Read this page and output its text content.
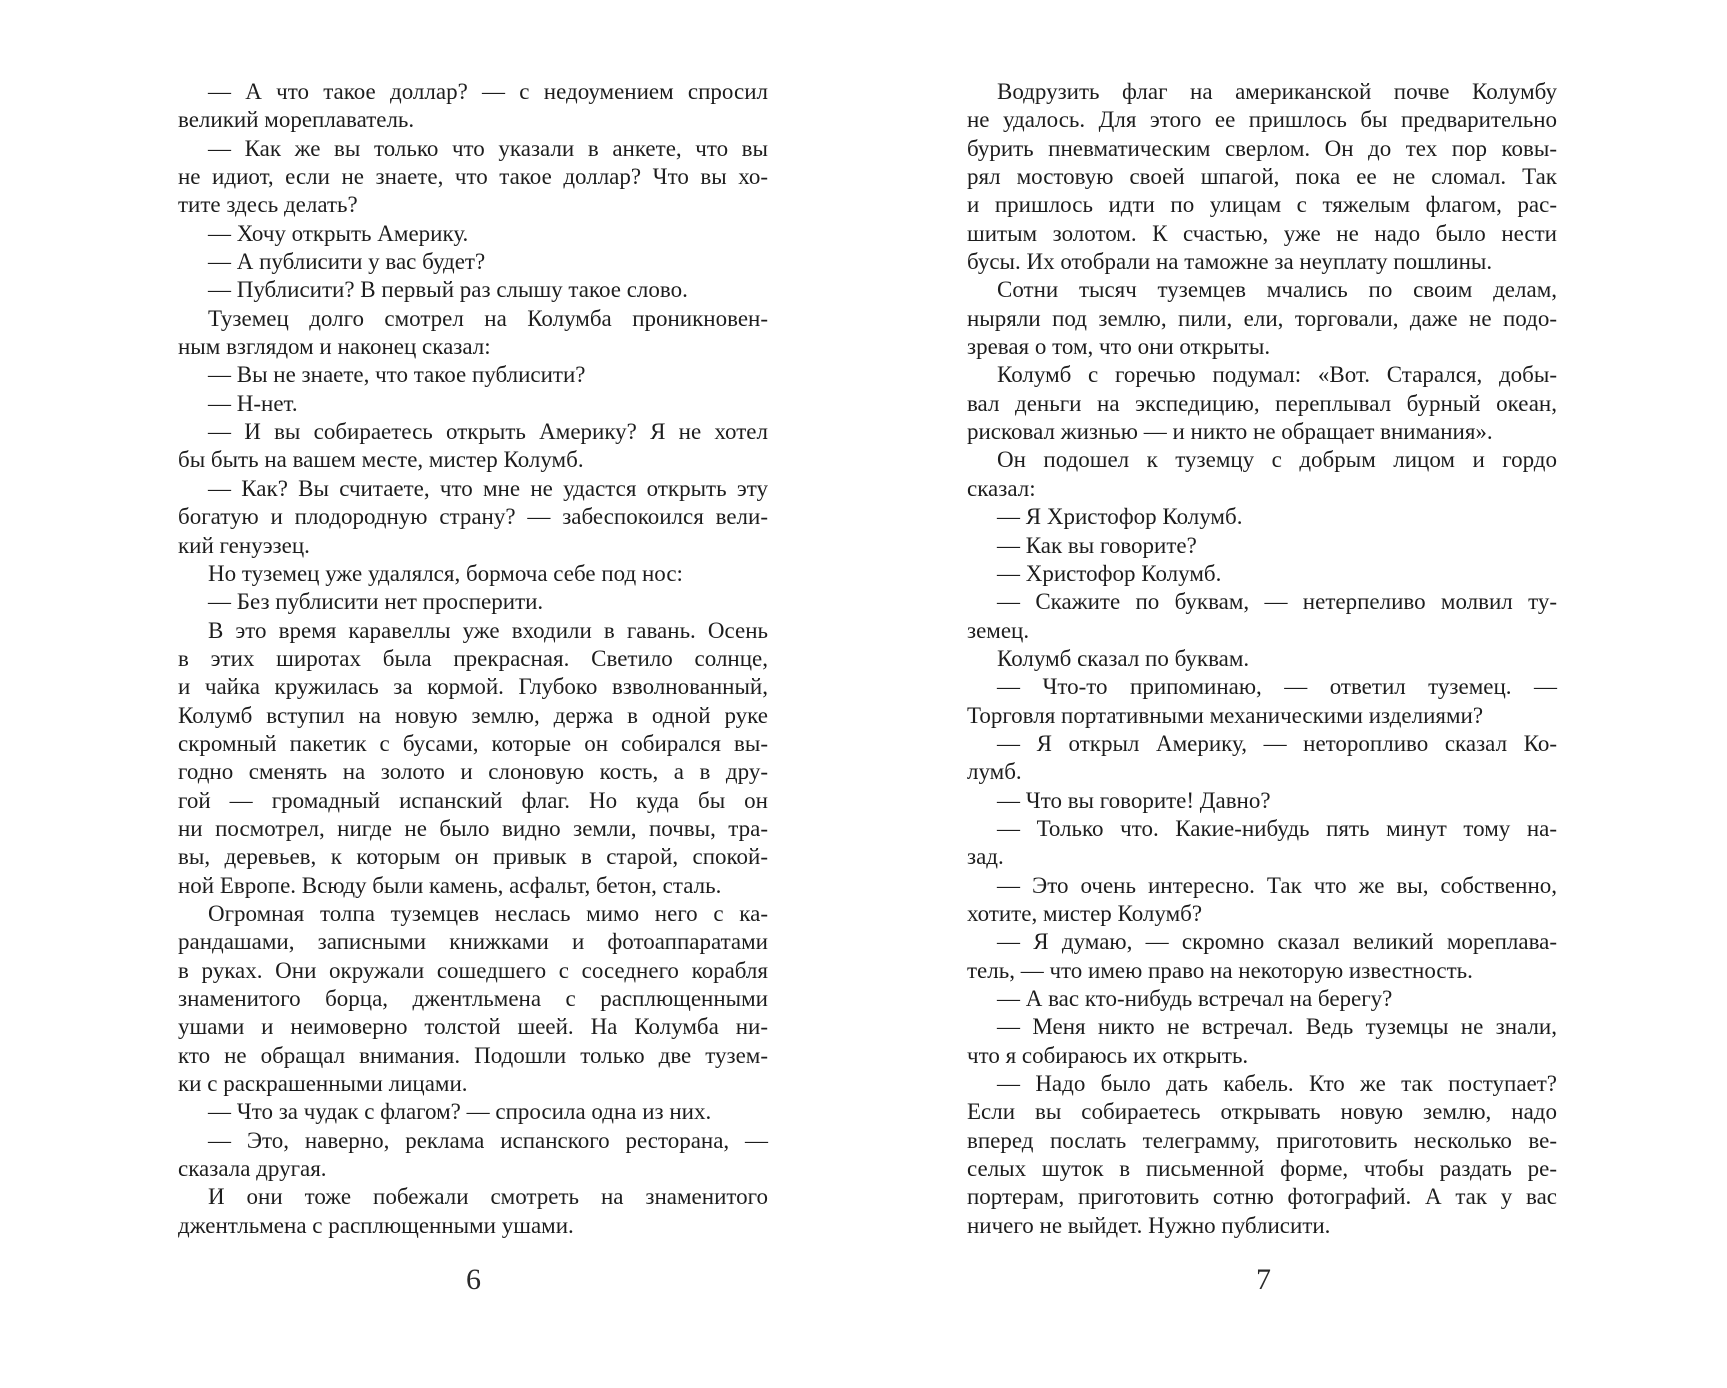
— А что такое доллар? — с недоумением спросил
великий мореплаватель.
— Как же вы только что указали в анкете, что вы
не идиот, если не знаете, что такое доллар? Что вы хо-
тите здесь делать?
— Хочу открыть Америку.
— А публисити у вас будет?
— Публисити? В первый раз слышу такое слово.
Туземец долго смотрел на Колумба проникновен-
ным взглядом и наконец сказал:
— Вы не знаете, что такое публисити?
— Н-нет.
— И вы собираетесь открыть Америку? Я не хотел
бы быть на вашем месте, мистер Колумб.
— Как? Вы считаете, что мне не удастся открыть эту
богатую и плодородную страну? — забеспокоился вели-
кий генуэзец.
Но туземец уже удалялся, бормоча себе под нос:
— Без публисити нет просперити.
В это время каравеллы уже входили в гавань. Осень
в этих широтах была прекрасная. Светило солнце,
и чайка кружилась за кормой. Глубоко взволнованный,
Колумб вступил на новую землю, держа в одной руке
скромный пакетик с бусами, которые он собирался вы-
годно сменять на золото и слоновую кость, а в дру-
гой — громадный испанский флаг. Но куда бы он
ни посмотрел, нигде не было видно земли, почвы, тра-
вы, деревьев, к которым он привык в старой, спокой-
ной Европе. Всюду были камень, асфальт, бетон, сталь.
Огромная толпа туземцев неслась мимо него с ка-
рандашами, записными книжками и фотоаппаратами
в руках. Они окружали сошедшего с соседнего корабля
знаменитого борца, джентльмена с расплющенными
ушами и неимоверно толстой шеей. На Колумба ни-
кто не обращал внимания. Подошли только две тузем-
ки с раскрашенными лицами.
— Что за чудак с флагом? — спросила одна из них.
— Это, наверно, реклама испанского ресторана, —
сказала другая.
И они тоже побежали смотреть на знаменитого
джентльмена с расплющенными ушами.
6
Водрузить флаг на американской почве Колумбу
не удалось. Для этого ее пришлось бы предварительно
бурить пневматическим сверлом. Он до тех пор ковы-
рял мостовую своей шпагой, пока ее не сломал. Так
и пришлось идти по улицам с тяжелым флагом, рас-
шитым золотом. К счастью, уже не надо было нести
бусы. Их отобрали на таможне за неуплату пошлины.
Сотни тысяч туземцев мчались по своим делам,
ныряли под землю, пили, ели, торговали, даже не подо-
зревая о том, что они открыты.
Колумб с горечью подумал: «Вот. Старался, добы-
вал деньги на экспедицию, переплывал бурный океан,
рисковал жизнью — и никто не обращает внимания».
Он подошел к туземцу с добрым лицом и гордо
сказал:
— Я Христофор Колумб.
— Как вы говорите?
— Христофор Колумб.
— Скажите по буквам, — нетерпеливо молвил ту-
земец.
Колумб сказал по буквам.
— Что-то припоминаю, — ответил туземец. —
Торговля портативными механическими изделиями?
— Я открыл Америку, — неторопливо сказал Ко-
лумб.
— Что вы говорите! Давно?
— Только что. Какие-нибудь пять минут тому на-
зад.
— Это очень интересно. Так что же вы, собственно,
хотите, мистер Колумб?
— Я думаю, — скромно сказал великий мореплава-
тель, — что имею право на некоторую известность.
— А вас кто-нибудь встречал на берегу?
— Меня никто не встречал. Ведь туземцы не знали,
что я собираюсь их открыть.
— Надо было дать кабель. Кто же так поступает?
Если вы собираетесь открывать новую землю, надо
вперед послать телеграмму, приготовить несколько ве-
селых шуток в письменной форме, чтобы раздать ре-
портерам, приготовить сотню фотографий. А так у вас
ничего не выйдет. Нужно публисити.
7
